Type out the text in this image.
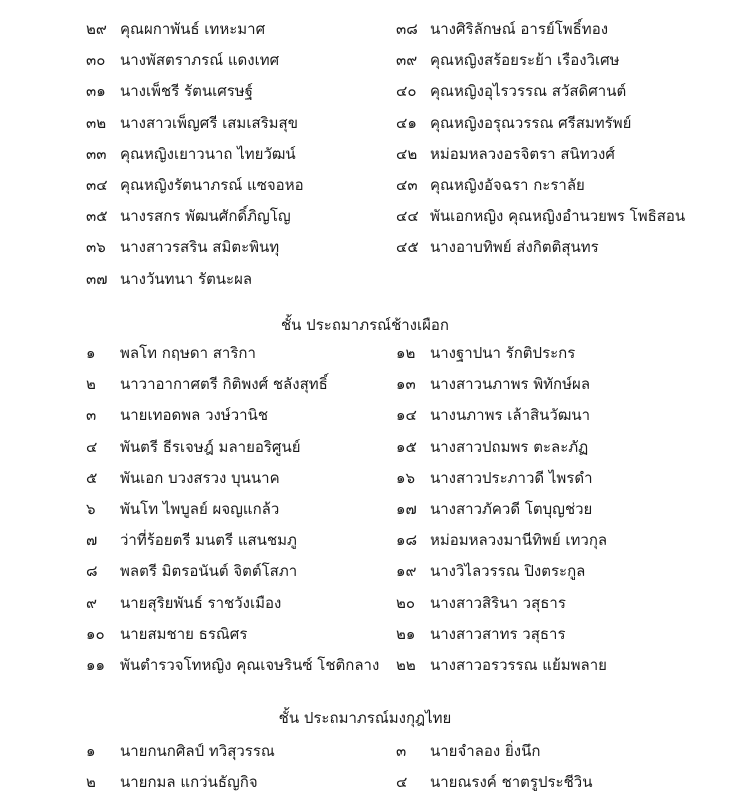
๒๙ คุณผกาพันธ์ เทหะมาศ
๓๐ นางพัสตราภรณ์ แดงเทศ
๓๑ นางเพ็ชรี รัตนเศรษฐ์
๓๒ นางสาวเพ็ญศรี เสมเสริมสุข
๓๓ คุณหญิงเยาวนาถ ไทยวัฒน์
๓๔ คุณหญิงรัตนาภรณ์ แซจอหอ
๓๕ นางรสกร พัฒนศักดิ์ภิญโญ
๓๖ นางสาวรสริน สมิตะพินทุ
๓๗ นางวันทนา รัตนะผล
๓๘ นางศิริลักษณ์ อารย์โพธิ์ทอง
๓๙ คุณหญิงสร้อยระย้า เรืองวิเศษ
๔๐ คุณหญิงอุไรวรรณ สวัสดิศานต์
๔๑ คุณหญิงอรุณวรรณ ศรีสมทรัพย์
๔๒ หม่อมหลวงอรจิตรา สนิทวงศ์
๔๓ คุณหญิงอัจฉรา กะราลัย
๔๔ พันเอกหญิง คุณหญิงอำนวยพร โพธิสอน
๔๕ นางอาบทิพย์ ส่งกิตติสุนทร
ชั้น ประถมาภรณ์ช้างเผือก
๑ พลโท กฤษดา สาริกา
๒ นาวาอากาศตรี กิติพงศ์ ชลังสุทธิ์
๓ นายเทอดพล วงษ์วานิช
๔ พันตรี ธีรเจษฎ์ มลายอริศูนย์
๕ พันเอก บวงสรวง บุนนาค
๖ พันโท ไพบูลย์ ผจญแกล้ว
๗ ว่าที่ร้อยตรี มนตรี แสนชมภู
๘ พลตรี มิตรอนันต์ จิตต์โสภา
๙ นายสุริยพันธ์ ราชวังเมือง
๑๐ นายสมชาย ธรณิศร
๑๑ พันตำรวจโทหญิง คุณเจษรินซ์ โชติกลาง
๑๒ นางฐาปนา รักติประกร
๑๓ นางสาวนภาพร พิทักษ์ผล
๑๔ นางนภาพร เล้าสินวัฒนา
๑๕ นางสาวปถมพร ตะละภัฏ
๑๖ นางสาวประภาวดี ไพรดำ
๑๗ นางสาวภัควดี โตบุญช่วย
๑๘ หม่อมหลวงมานีทิพย์ เทวกุล
๑๙ นางวิไลวรรณ ปิงตระกูล
๒๐ นางสาวสิรินา วสุธาร
๒๑ นางสาวสาทร วสุธาร
๒๒ นางสาวอรวรรณ แย้มพลาย
ชั้น ประถมาภรณ์มงกุฎไทย
๑ นายกนกศิลป์ ทวิสุวรรณ
๒ นายกมล แกว่นธัญกิจ
๓ นายจำลอง ยิ่งนึก
๔ นายณรงค์ ชาตรูประชีวิน
